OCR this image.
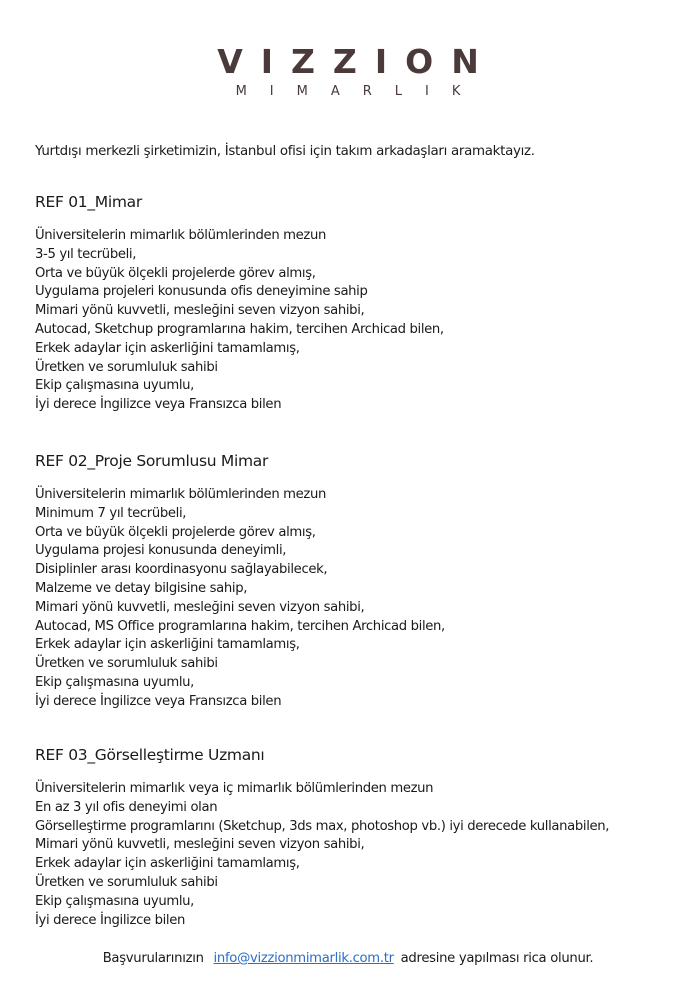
VIZZION
MIMARLIK
Yurtdışı merkezli şirketimizin, İstanbul ofisi için takım arkadaşları aramaktayız.
REF 01_Mimar
Üniversitelerin mimarlık bölümlerinden mezun
3-5 yıl tecrübeli,
Orta ve büyük ölçekli projelerde görev almış,
Uygulama projeleri konusunda ofis deneyimine sahip
Mimari yönü kuvvetli, mesleğini seven vizyon sahibi,
Autocad, Sketchup programlarına hakim, tercihen Archicad bilen,
Erkek adaylar için askerliğini tamamlamış,
Üretken ve sorumluluk sahibi
Ekip çalışmasına uyumlu,
İyi derece İngilizce veya Fransızca bilen
REF 02_Proje Sorumlusu Mimar
Üniversitelerin mimarlık bölümlerinden mezun
Minimum 7 yıl tecrübeli,
Orta ve büyük ölçekli projelerde görev almış,
Uygulama projesi konusunda deneyimli,
Disiplinler arası koordinasyonu sağlayabilecek,
Malzeme ve detay bilgisine sahip,
Mimari yönü kuvvetli, mesleğini seven vizyon sahibi,
Autocad, MS Office programlarına hakim, tercihen Archicad bilen,
Erkek adaylar için askerliğini tamamlamış,
Üretken ve sorumluluk sahibi
Ekip çalışmasına uyumlu,
İyi derece İngilizce veya Fransızca bilen
REF 03_Görselleştirme Uzmanı
Üniversitelerin mimarlık veya iç mimarlık bölümlerinden mezun
En az 3 yıl ofis deneyimi olan
Görselleştirme programlarını (Sketchup, 3ds max, photoshop vb.) iyi derecede kullanabilen,
Mimari yönü kuvvetli, mesleğini seven vizyon sahibi,
Erkek adaylar için askerliğini tamamlamış,
Üretken ve sorumluluk sahibi
Ekip çalışmasına uyumlu,
İyi derece İngilizce bilen
Başvurularınızın info@vizzionmimarlik.com.tr adresine yapılması rica olunur.
